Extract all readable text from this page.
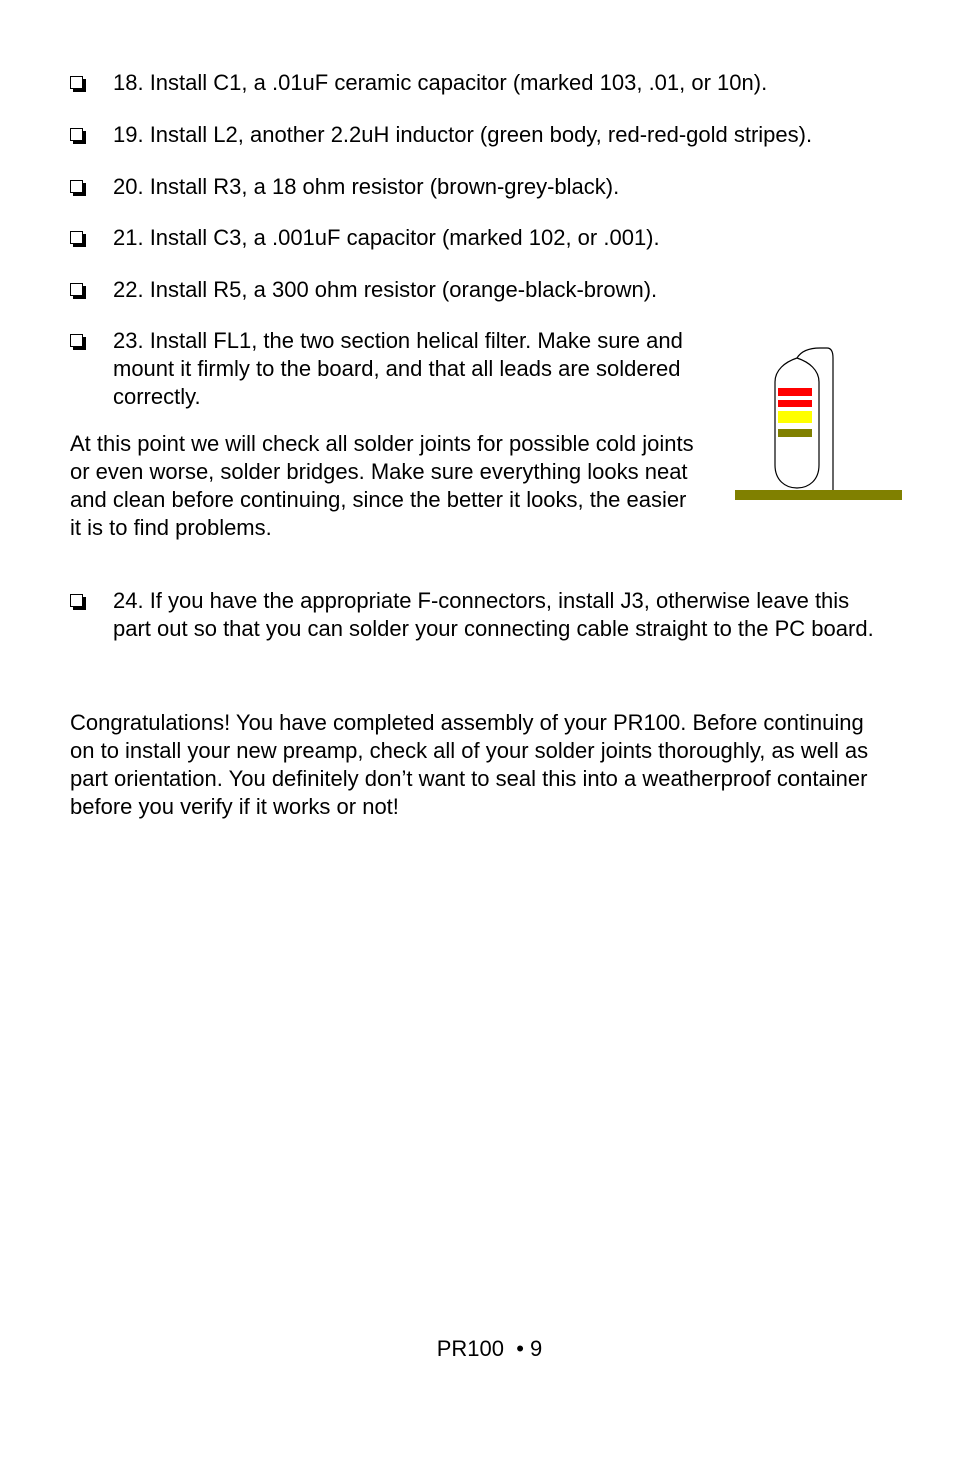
18. Install C1, a .01uF ceramic capacitor (marked 103, .01, or 10n).
19. Install L2, another 2.2uH inductor (green body, red-red-gold stripes).
20. Install R3, a 18 ohm resistor (brown-grey-black).
21. Install C3, a .001uF capacitor (marked 102, or .001).
22. Install R5, a 300 ohm resistor (orange-black-brown).
23. Install FL1, the two section helical filter. Make sure and mount it firmly to the board, and that all leads are soldered correctly.
At this point we will check all solder joints for possible cold joints or even worse, solder bridges. Make sure everything looks neat and clean before continuing, since the better it looks, the easier it is to find problems.
24. If you have the appropriate F-connectors, install J3, otherwise leave this part out so that you can solder your connecting cable straight to the PC board.
Congratulations! You have completed assembly of your PR100. Before continuing on to install your new preamp, check all of your solder joints thoroughly, as well as part orientation. You definitely don’t want to seal this into a weatherproof container before you verify if it works or not!
PR100  • 9
